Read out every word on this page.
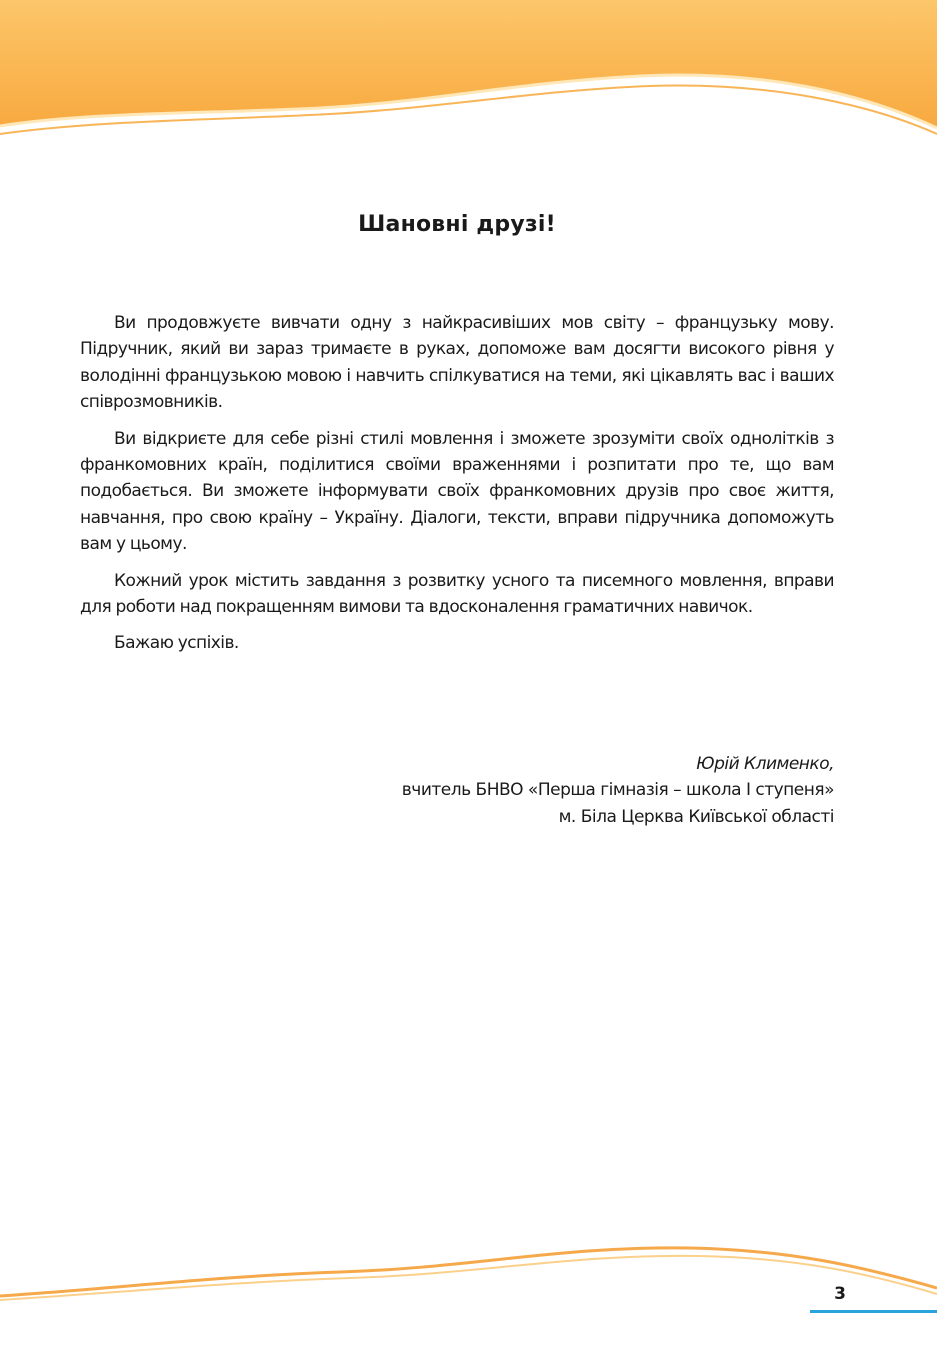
Шановні друзі!

Ви продовжуєте вивчати одну з найкрасивіших мов світу – французьку мову. Підручник, який ви зараз тримаєте в руках, допоможе вам досягти високого рівня у володінні французькою мовою і навчить спілкуватися на теми, які цікавлять вас і ваших співрозмовників.

Ви відкриєте для себе різні стилі мовлення і зможете зрозуміти своїх однолітків з франкомовних країн, поділитися своїми враженнями і розпитати про те, що вам подобається. Ви зможете інформувати своїх франкомовних друзів про своє життя, навчання, про свою країну – Україну. Діалоги, тексти, вправи підручника допоможуть вам у цьому.

Кожний урок містить завдання з розвитку усного та писемного мовлення, вправи для роботи над покращенням вимови та вдосконалення граматичних навичок.

Бажаю успіхів.

Юрій Клименко,
вчитель БНВО «Перша гімназія – школа І ступеня»
м. Біла Церква Київської області
3
